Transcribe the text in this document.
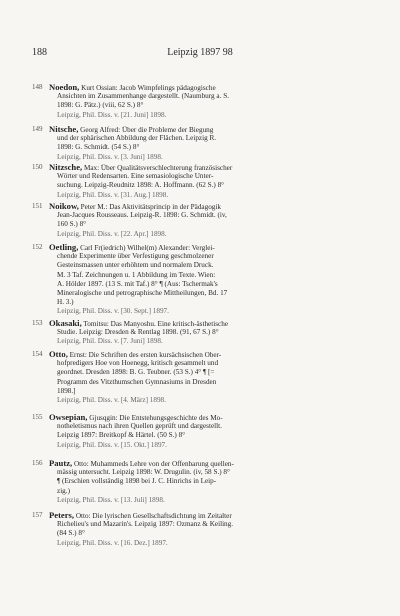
188	Leipzig 1897 98
148 Noedon, Kurt Ossian: Jacob Wimpfelings pädagogische
Ansichten im Zusammenhange dargestellt. (Naumburg a. S.
1898: G. Pätz.) (viii, 62 S.) 8°
Leipzig, Phil. Diss. v. [21. Juni] 1898.
149 Nitsche, Georg Alfred: Über die Probleme der Biegung
und der sphärischen Abbildung der Flächen. Leipzig R.
1898: G. Schmidt. (54 S.) 8°
Leipzig, Phil. Diss. v. [3. Juni] 1898.
150 Nitzsche, Max: Über Qualitätsverschlechterung französischer
Wörter und Redensarten. Eine semasiologische Unter-
suchung. Leipzig-Reudnitz 1898: A. Hoffmann. (62 S.) 8°
Leipzig, Phil. Diss. v. [31. Aug.] 1898.
151 Noikow, Peter M.: Das Aktivitätsprincip in der Pädagogik
Jean-Jacques Rousseaus. Leipzig-R. 1898: G. Schmidt. (iv,
160 S.) 8°
Leipzig, Phil. Diss. v. [22. Apr.] 1898.
152 Oetling, Carl Fr(iedrich) Wilhel(m) Alexander: Verglei-
chende Experimente über Verfestigung geschmolzener
Gesteinsmassen unter erhöhtem und normalem Druck.
M. 3 Taf. Zeichnungen u. 1 Abbildung im Texte. Wien:
A. Hölder 1897. (13 S. mit Taf.) 8° ¶ (Aus: Tschermak's
Mineralogische und petrographische Mittheilungen, Bd. 17
H. 3.)
Leipzig, Phil. Diss. v. [30. Sept.] 1897.
153 Okasaki, Tomitsu: Das Manyoshu. Eine kritisch-ästhetische
Studie. Leipzig: Dresden & Rentlag 1898. (91, 67 S.) 8°
Leipzig, Phil. Diss. v. [7. Juni] 1898.
154 Otto, Ernst: Die Schriften des ersten kursächsischen Ober-
hofpredigers Hoe von Hoenegg, kritisch gesammelt und
geordnet. Dresden 1898: B. G. Teubner. (53 S.) 4° ¶ [=
Programm des Vitzthumschen Gymnasiums in Dresden
1898.]
Leipzig, Phil. Diss. v. [4. März] 1898.
155 Owsepian, Gjusqgin: Die Entstehungsgeschichte des Mo-
notheletismus nach ihren Quellen geprüft und dargestellt.
Leipzig 1897: Breitkopf & Härtel. (50 S.) 8°
Leipzig, Phil. Diss. v. [15. Okt.] 1897.
156 Pautz, Otto: Muhammeds Lehre von der Offenbarung quellen-
mässig untersucht. Leipzig 1898: W. Drugulin. (iv, 58 S.) 8°
¶ (Erschien vollständig 1898 bei J. C. Hinrichs in Leip-
zig.)
Leipzig, Phil. Diss. v. [13. Juli] 1898.
157 Peters, Otto: Die lyrischen Gesellschaftsdichtung im Zeitalter
Richelieu's und Mazarin's. Leipzig 1897: Ozmanz & Keiling.
(84 S.) 8°
Leipzig, Phil. Diss. v. [16. Dez.] 1897.
